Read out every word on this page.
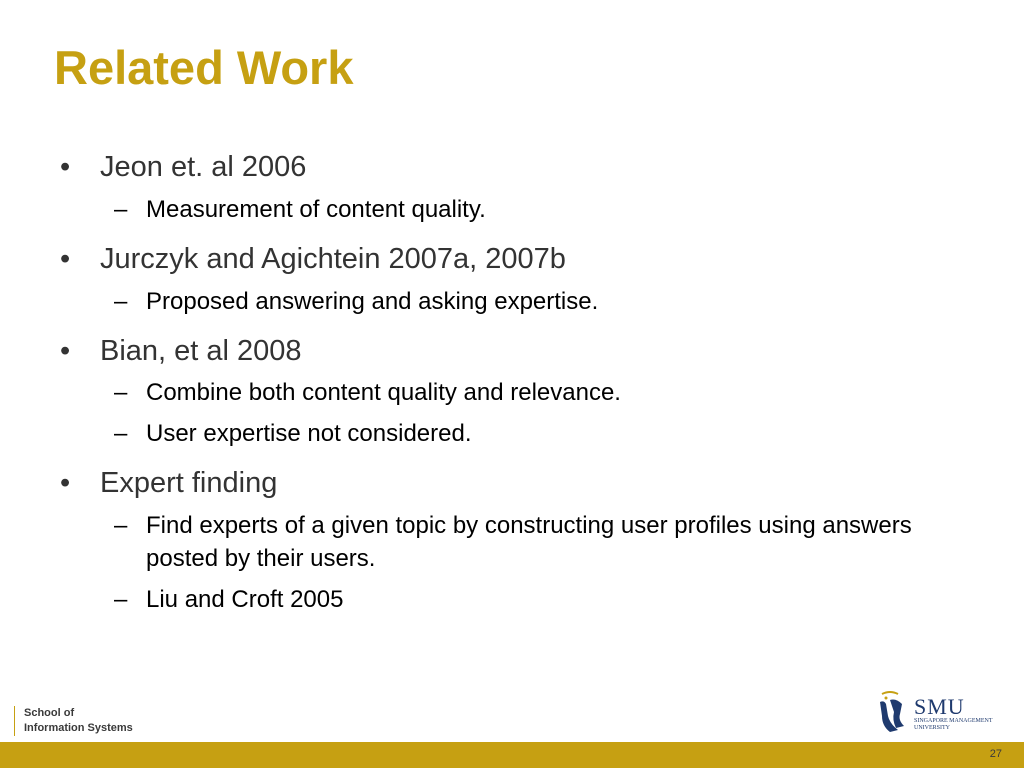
Related Work
• Jeon et. al 2006
– Measurement of content quality.
• Jurczyk and Agichtein 2007a, 2007b
– Proposed answering and asking expertise.
• Bian, et al 2008
– Combine both content quality and relevance.
– User expertise not considered.
• Expert finding
– Find experts of a given topic by constructing user profiles using answers posted by their users.
– Liu and Croft 2005
School of
Information Systems
SMU
SINGAPORE MANAGEMENT
UNIVERSITY
27
